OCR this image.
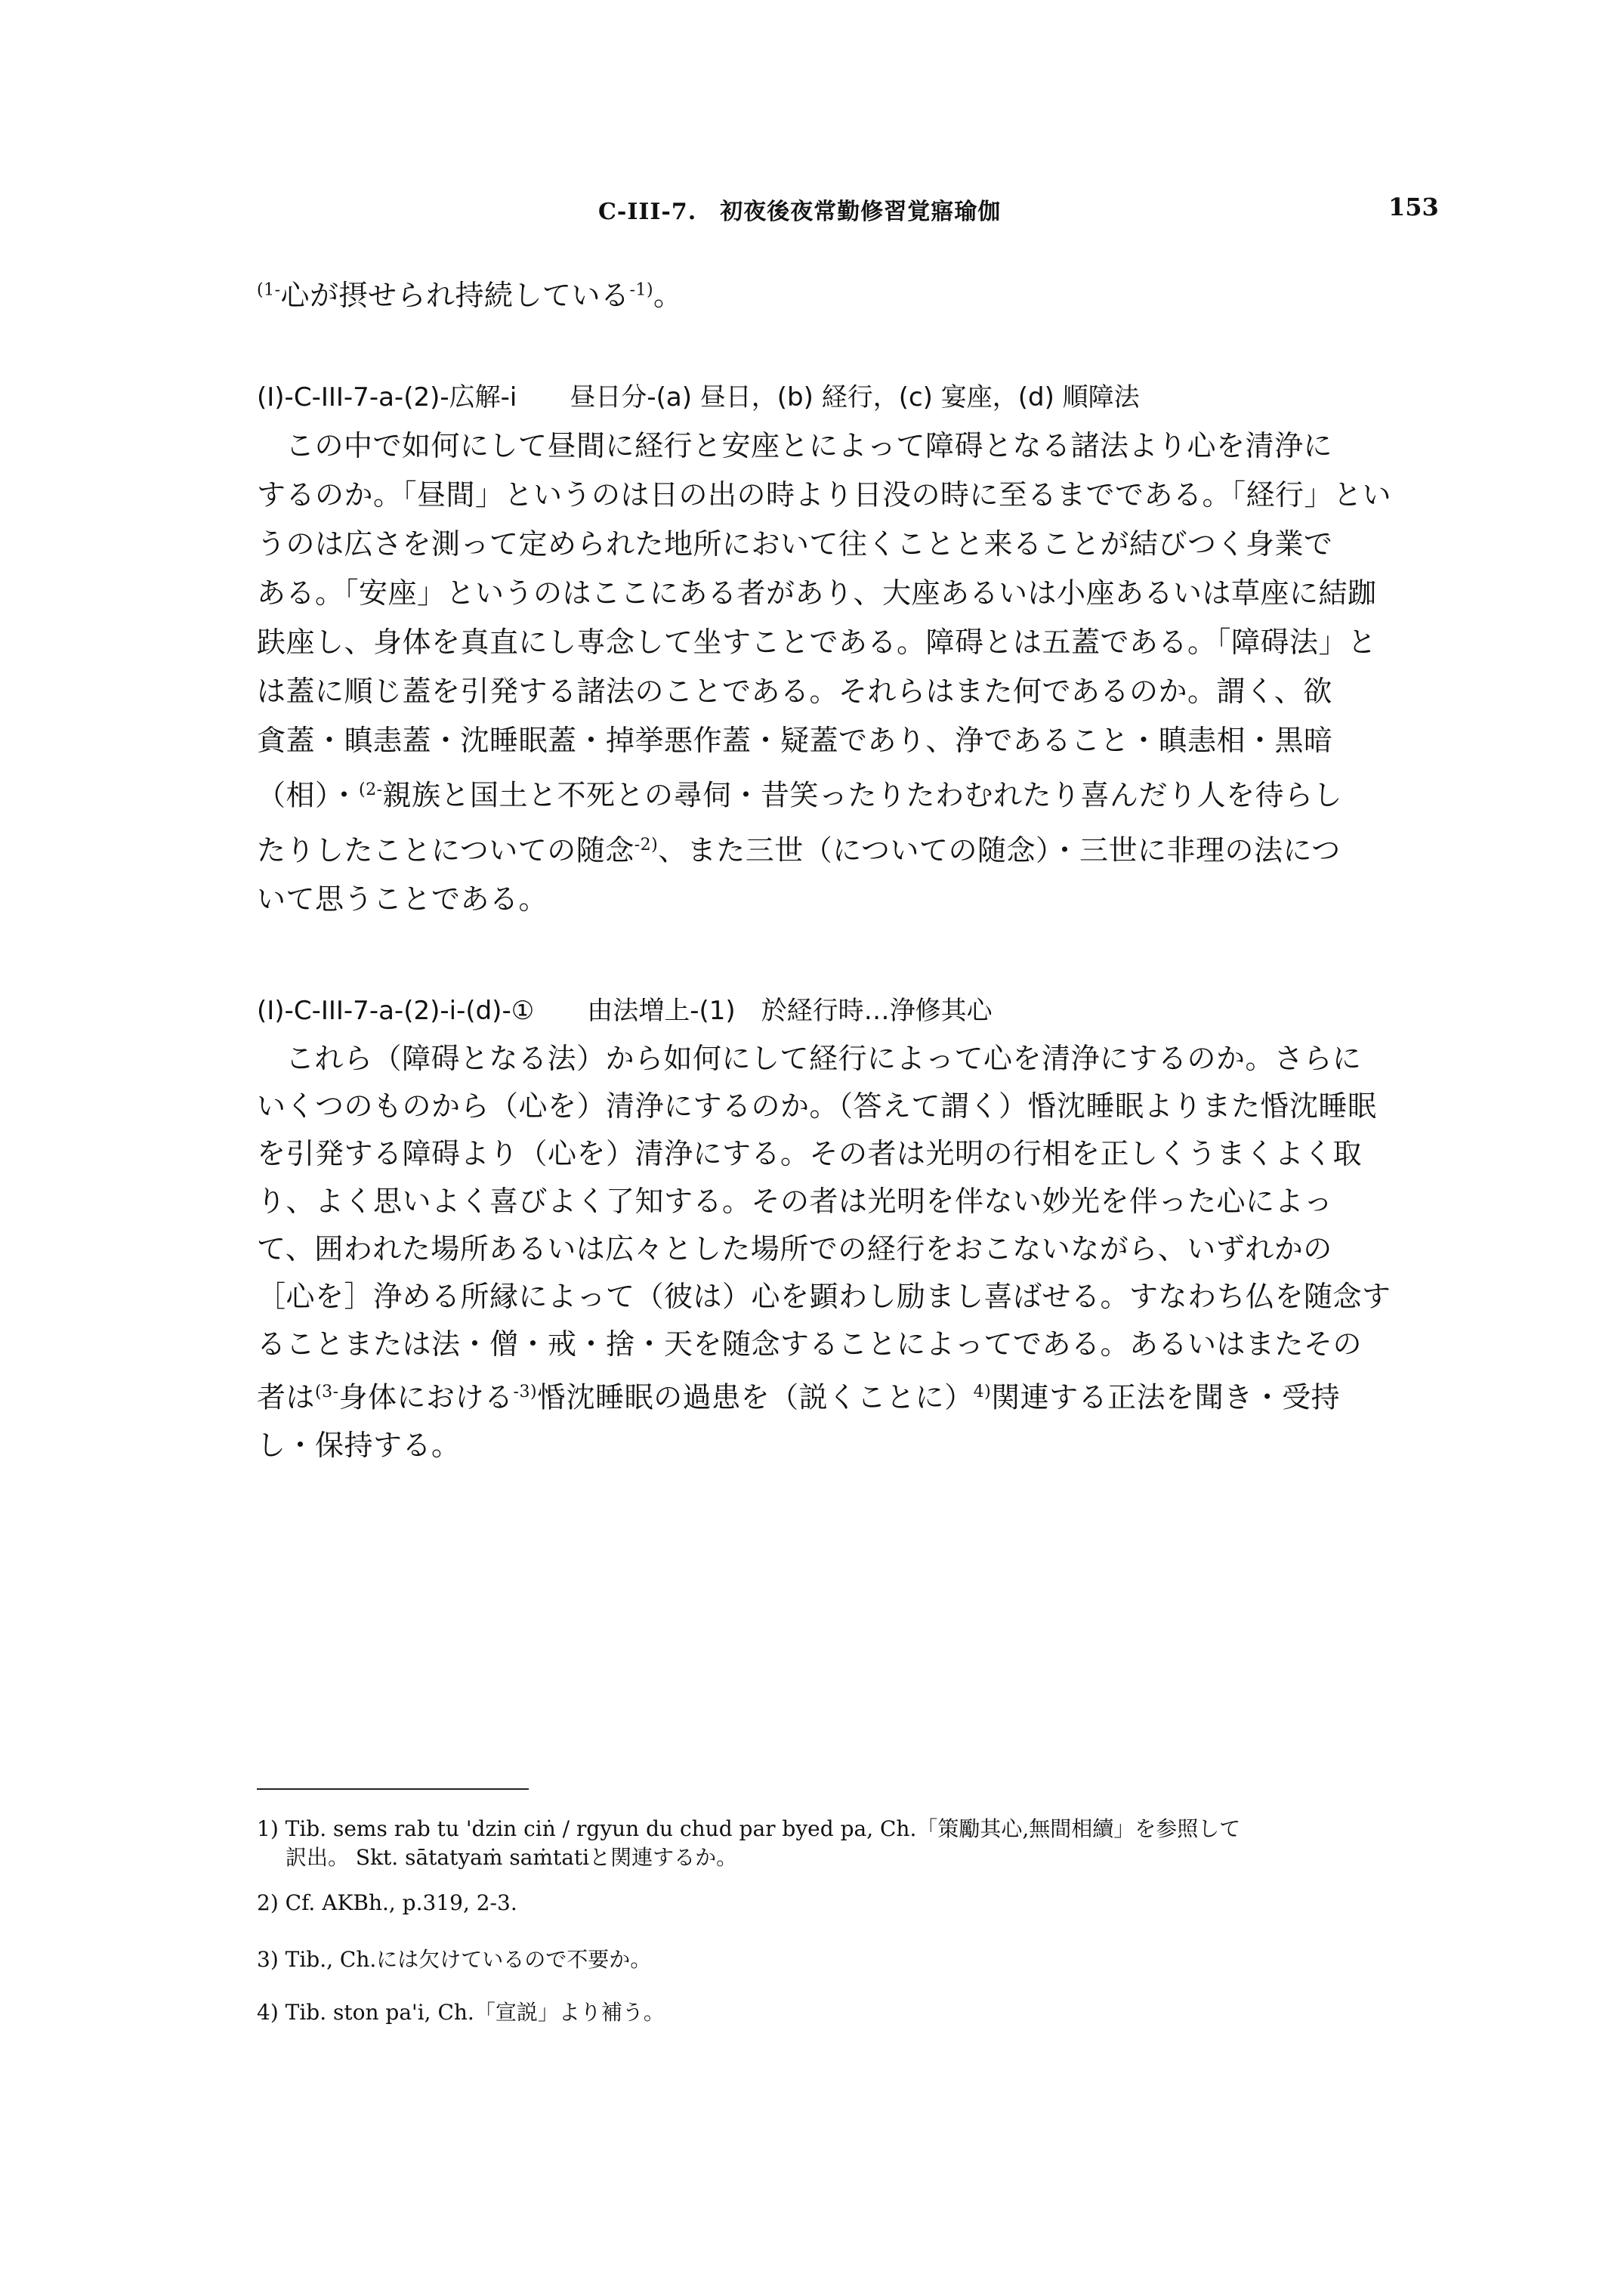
C-III-7.　初夜後夜常勤修習覚寤瑜伽	153
$^{(1-}$心が摂せられ持続している$^{-1)}$。
(I)-C-III-7-a-(2)-広解-i 昼日分-(a) 昼日，(b) 経行，(c) 宴座，(d) 順障法
この中で如何にして昼間に経行と安座とによって障碍となる諸法より心を清浄に
するのか。「昼間」というのは日の出の時より日没の時に至るまでである。「経行」とい
うのは広さを測って定められた地所において往くことと来ることが結びつく身業で
ある。「安座」というのはここにある者があり、大座あるいは小座あるいは草座に結跏
趺座し、身体を真直にし専念して坐すことである。障碍とは五蓋である。「障碍法」と
は蓋に順じ蓋を引発する諸法のことである。それらはまた何であるのか。謂く、欲
貪蓋・瞋恚蓋・沈睡眠蓋・掉挙悪作蓋・疑蓋であり、浄であること・瞋恚相・黒暗
（相）・$^{(2-}$親族と国土と不死との尋伺・昔笑ったりたわむれたり喜んだり人を待らし
たりしたことについての随念$^{-2)}$、また三世（についての随念）・三世に非理の法につ
いて思うことである。
(I)-C-III-7-a-(2)-i-(d)-① 由法増上-(1)　於経行時…浄修其心
これら（障碍となる法）から如何にして経行によって心を清浄にするのか。さらに
いくつのものから（心を）清浄にするのか。（答えて謂く）惛沈睡眠よりまた惛沈睡眠
を引発する障碍より（心を）清浄にする。その者は光明の行相を正しくうまくよく取
り、よく思いよく喜びよく了知する。その者は光明を伴ない妙光を伴った心によっ
て、囲われた場所あるいは広々とした場所での経行をおこないながら、いずれかの
［心を］浄める所縁によって（彼は）心を顕わし励まし喜ばせる。すなわち仏を随念す
ることまたは法・僧・戒・捨・天を随念することによってである。あるいはまたその
者は$^{(3-}$身体における$^{-3)}$惛沈睡眠の過患を（説くことに）$^{4)}$関連する正法を聞き・受持
し・保持する。
1) Tib. sems rab tu 'dzin ciṅ / rgyun du chud par byed pa, Ch.「策勵其心,無間相續」を参照して
訳出。 Skt. sātatyaṁ saṁtatiと関連するか。
2) Cf. AKBh., p.319, 2-3.
3) Tib., Ch.には欠けているので不要か。
4) Tib. ston pa'i, Ch.「宣説」より補う。
